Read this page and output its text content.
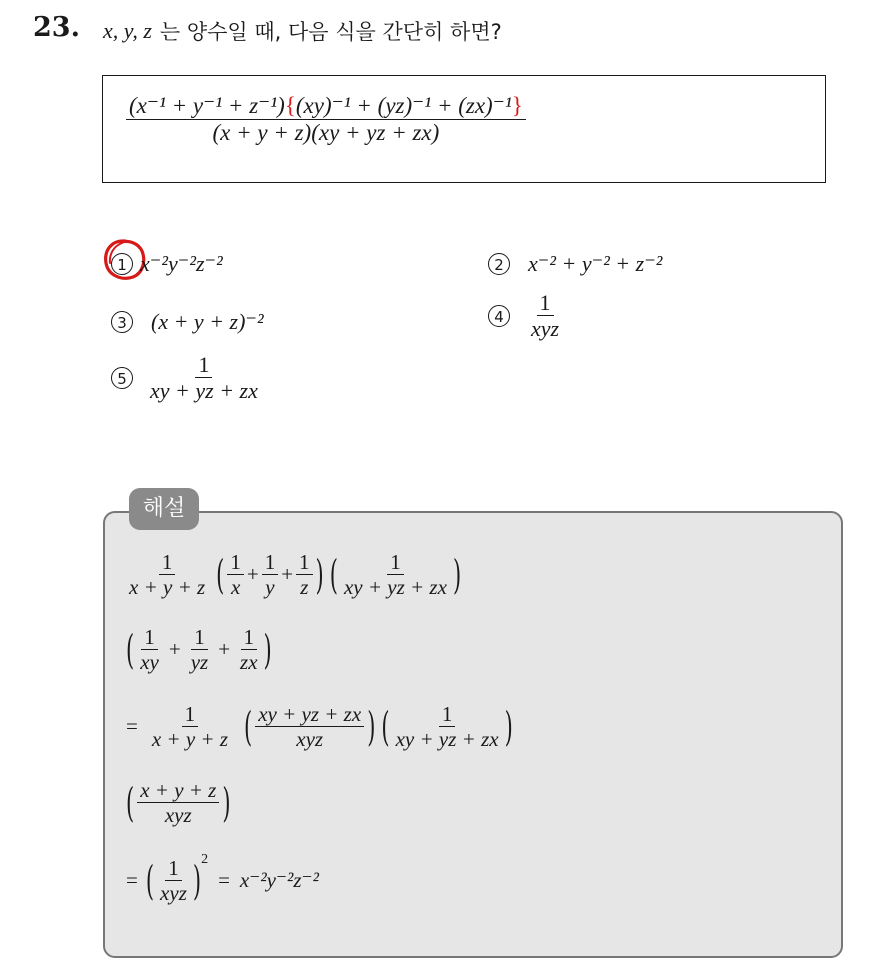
23. x, y, z 는 양수일 때, 다음 식을 간단히 하면?
$\frac{\text{(x⁻¹ + y⁻¹ + z⁻¹)\{(xy)⁻¹ + (yz)⁻¹ + (zx)⁻¹\}}}{(x + y + z)(xy + yz + zx)}$
1 x⁻²y⁻²z⁻²	2 x⁻² + y⁻² + z⁻²
3 (x + y + z)⁻²	$4 \frac{1}{\text{xyz}}$
$5 \frac{1}{xy + yz + zx}$
해설
$\frac{1}{x + y + z}$ ( $\frac{1}{x} + \frac{1}{y} + \frac{1}{z}$ ) ( $\frac{1}{xy + yz + zx}$ )
( $\frac{1}{xy} + \frac{1}{yz} + \frac{1}{zx}$ )
= $\frac{1}{x + y + z}$ ( $\frac{xy + yz + zx}{\text{xyz}}$ ) ( $\frac{1}{xy + yz + zx}$ )
( $\frac{x + y + z}{\text{xyz}}$ )
= ( $\frac{1}{\text{xyz}}$ ) 2
= x⁻²y⁻²z⁻²
